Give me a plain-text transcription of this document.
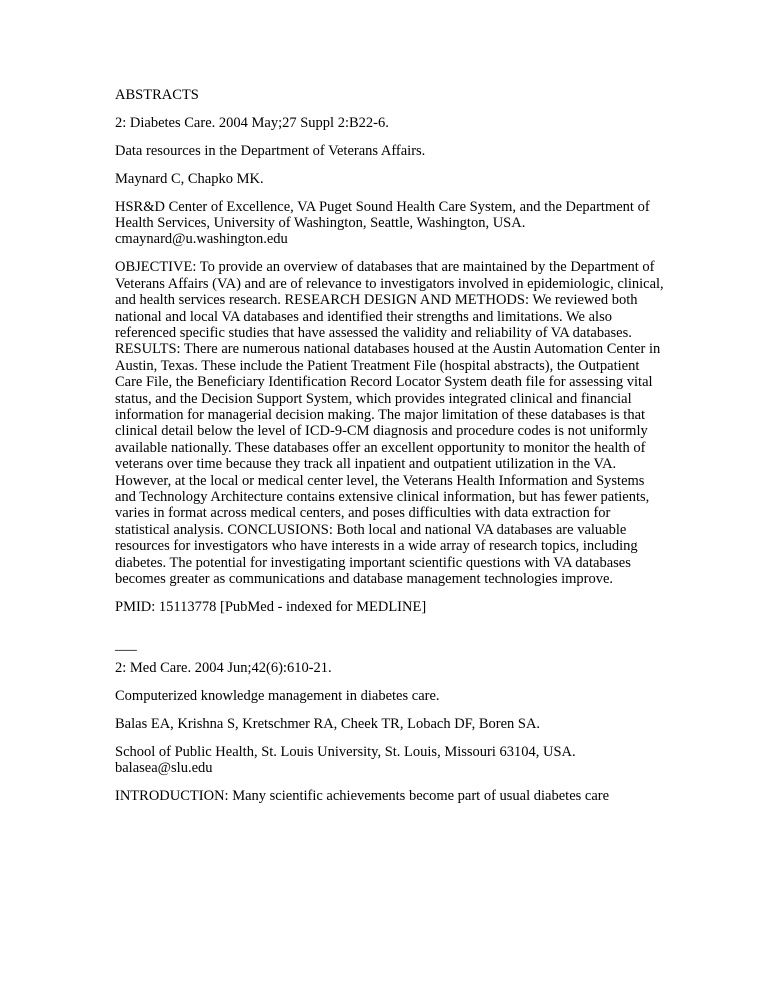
ABSTRACTS

2: Diabetes Care. 2004 May;27 Suppl 2:B22-6.

Data resources in the Department of Veterans Affairs.

Maynard C, Chapko MK.

HSR&D Center of Excellence, VA Puget Sound Health Care System, and the Department of Health Services, University of Washington, Seattle, Washington, USA. cmaynard@u.washington.edu

OBJECTIVE: To provide an overview of databases that are maintained by the Department of Veterans Affairs (VA) and are of relevance to investigators involved in epidemiologic, clinical, and health services research. RESEARCH DESIGN AND METHODS: We reviewed both national and local VA databases and identified their strengths and limitations. We also referenced specific studies that have assessed the validity and reliability of VA databases. RESULTS: There are numerous national databases housed at the Austin Automation Center in Austin, Texas. These include the Patient Treatment File (hospital abstracts), the Outpatient Care File, the Beneficiary Identification Record Locator System death file for assessing vital status, and the Decision Support System, which provides integrated clinical and financial information for managerial decision making. The major limitation of these databases is that clinical detail below the level of ICD-9-CM diagnosis and procedure codes is not uniformly available nationally. These databases offer an excellent opportunity to monitor the health of veterans over time because they track all inpatient and outpatient utilization in the VA. However, at the local or medical center level, the Veterans Health Information and Systems and Technology Architecture contains extensive clinical information, but has fewer patients, varies in format across medical centers, and poses difficulties with data extraction for statistical analysis. CONCLUSIONS: Both local and national VA databases are valuable resources for investigators who have interests in a wide array of research topics, including diabetes. The potential for investigating important scientific questions with VA databases becomes greater as communications and database management technologies improve.

PMID: 15113778 [PubMed - indexed for MEDLINE]

___

2: Med Care. 2004 Jun;42(6):610-21.

Computerized knowledge management in diabetes care.

Balas EA, Krishna S, Kretschmer RA, Cheek TR, Lobach DF, Boren SA.

School of Public Health, St. Louis University, St. Louis, Missouri 63104, USA. balasea@slu.edu

INTRODUCTION: Many scientific achievements become part of usual diabetes care
